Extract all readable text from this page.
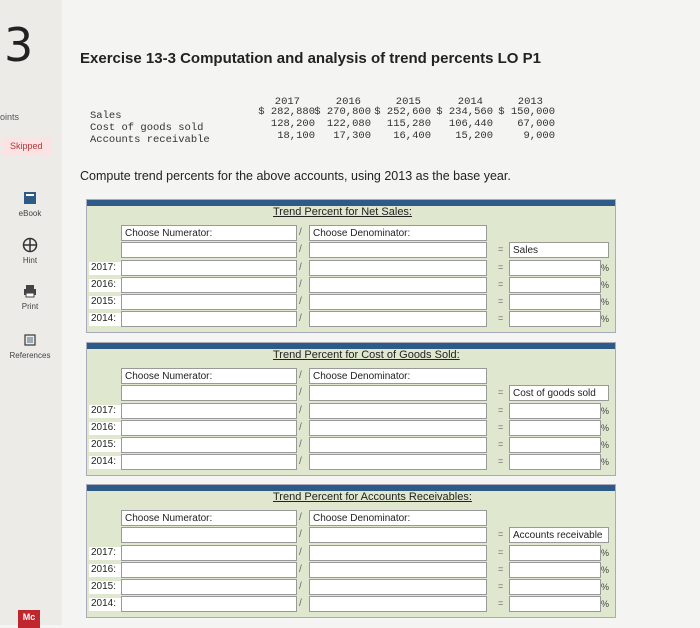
3
oints
Skipped
eBook
Hint
Print
References
Mc
Exercise 13-3 Computation and analysis of trend percents LO P1
2017	2016	2015	2014	2013
Sales	$ 282,880 $ 270,800 $ 252,600 $ 234,560 $ 150,000
Cost of goods sold	128,200	122,080	115,280	106,440	67,000
Accounts receivable	18,100	17,300	16,400	15,200	9,000
Compute trend percents for the above accounts, using 2013 as the base year.
Trend Percent for Net Sales:
Choose Numerator:	/ Choose Denominator:
/	= Sales
2017:	/	=	%
2016:	/	=	%
2015:	/	=	%
2014:	/	=	%
Trend Percent for Cost of Goods Sold:
Choose Numerator:	/ Choose Denominator:
/	= Cost of goods sold
2017:	/	=	%
2016:	/	=	%
2015:	/	=	%
2014:	/	=	%
Trend Percent for Accounts Receivables:
Choose Numerator:	/ Choose Denominator:
/	= Accounts receivable
2017:	/	=	%
2016:	/	=	%
2015:	/	=	%
2014:	/	=	%
